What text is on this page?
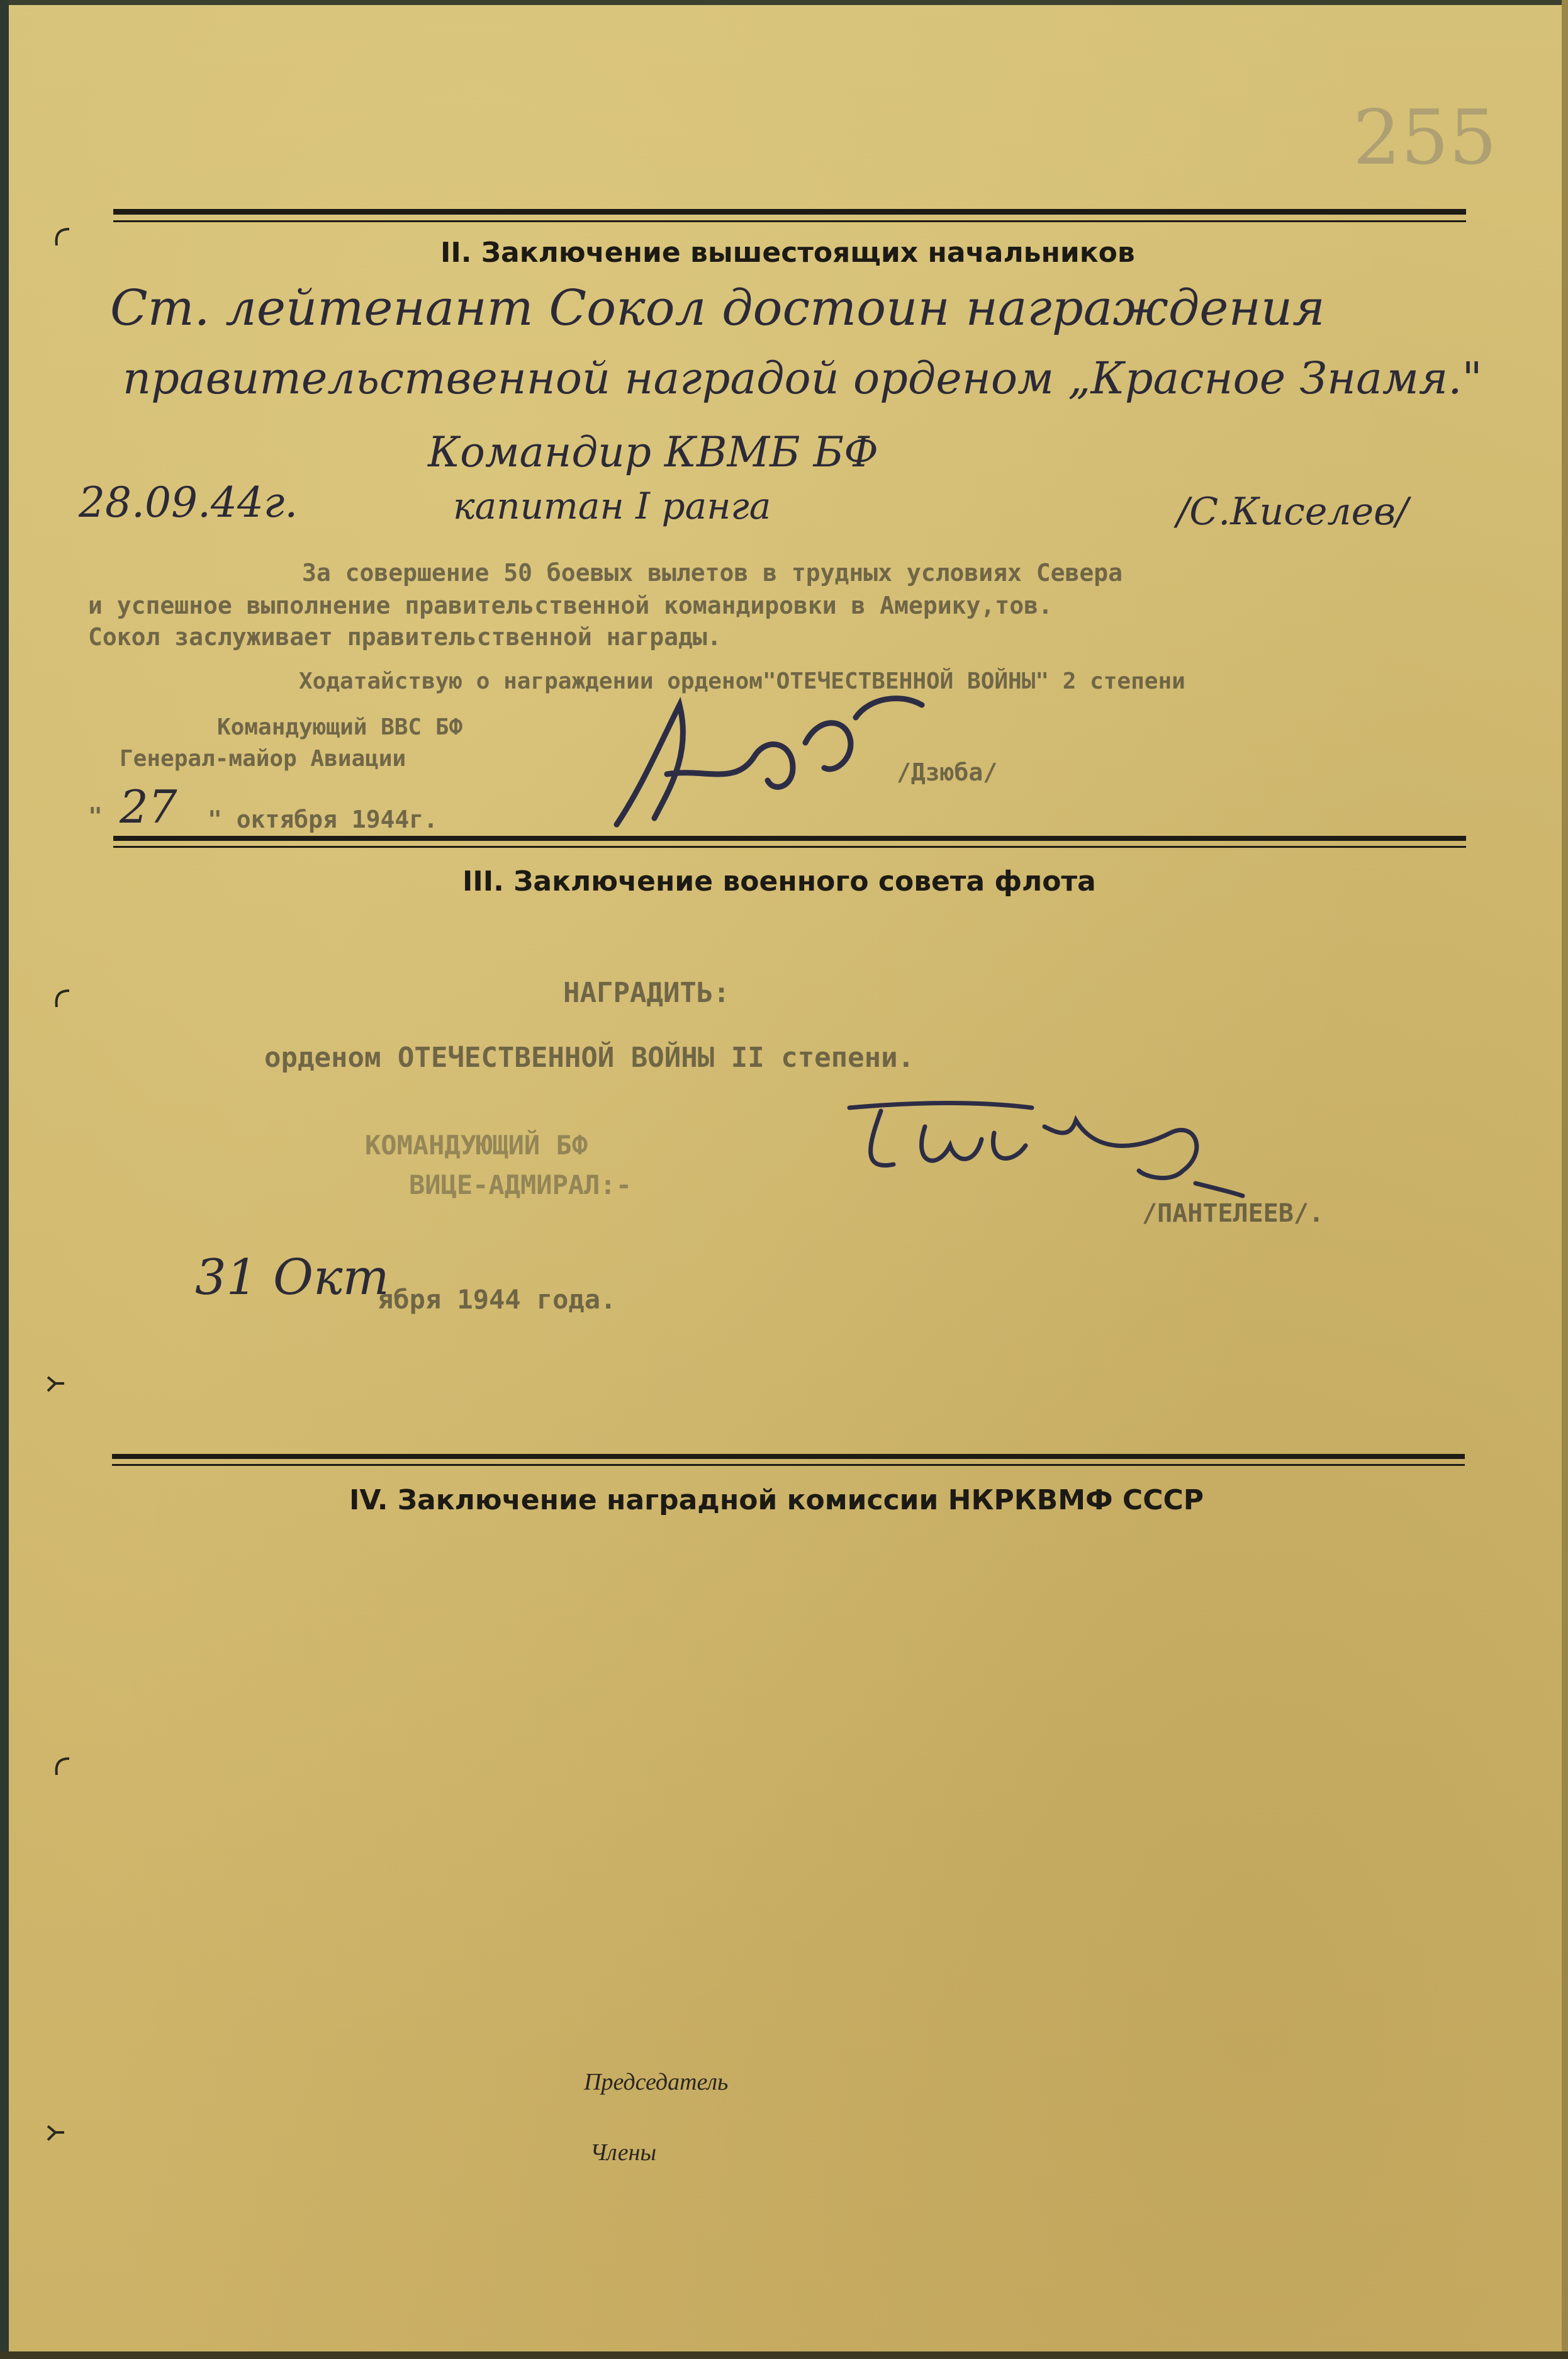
255
II. Заключение вышестоящих начальников
Ст. лейтенант Сокол достоин награждения
правительственной наградой орденом „Красное Знамя."
Командир КВМБ БФ
28.09.44г.	капитан I ранга	/С.Киселев/
За совершение 50 боевых вылетов в трудных условиях Севера
и успешное выполнение правительственной командировки в Америку,тов.
Сокол заслуживает правительственной награды.
Ходатайствую о награждении орденом"ОТЕЧЕСТВЕННОЙ ВОЙНЫ" 2 степени
Командующий ВВС БФ
Генерал-майор Авиации	/Дзюба/
" 27 " октября 1944г.
III. Заключение военного совета флота
НАГРАДИТЬ:
орденом ОТЕЧЕСТВЕННОЙ ВОЙНЫ II степени.
КОМАНДУЮЩИЙ БФ
ВИЦЕ-АДМИРАЛ:-
/ПАНТЕЛЕЕВ/.
31 Окт
ября 1944 года.
IV. Заключение наградной комиссии НКРКВМФ СССР
Председатель
Члены
